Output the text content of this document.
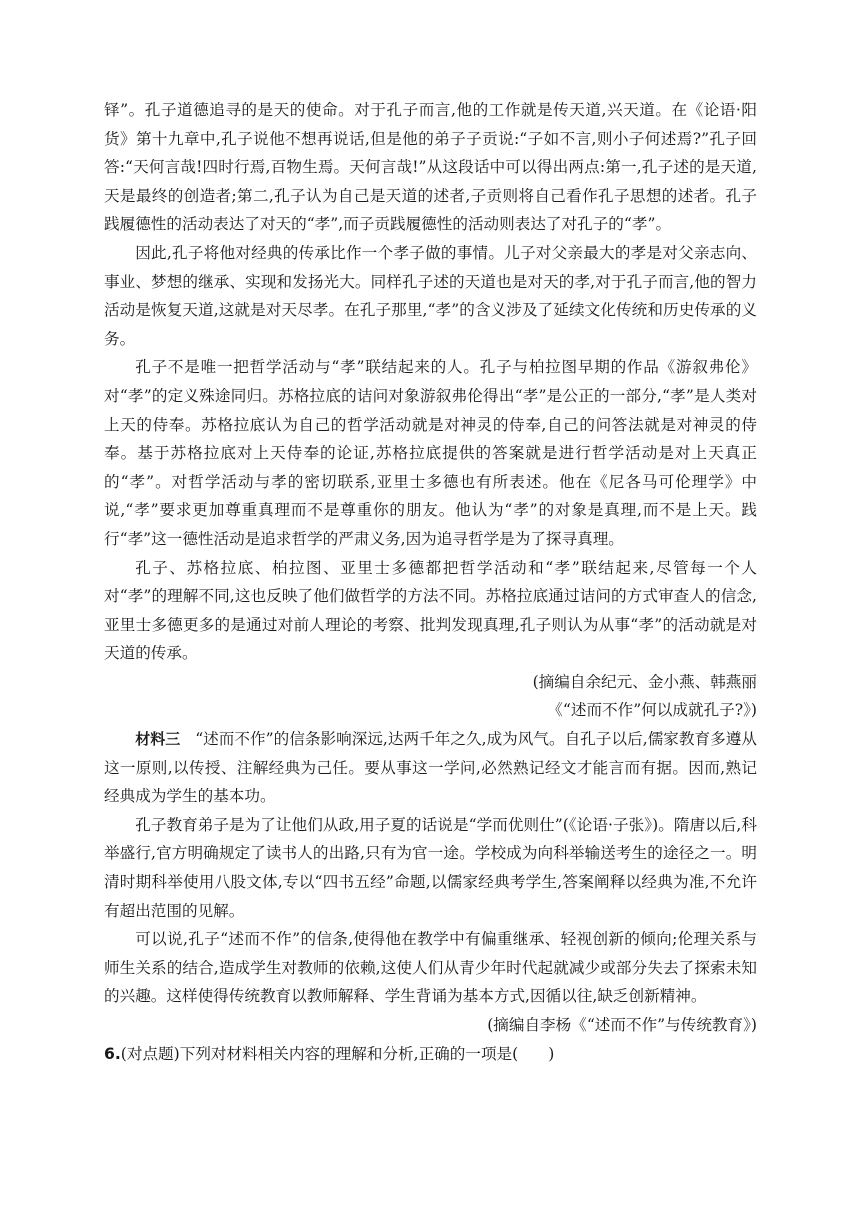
铎”。孔子道德追寻的是天的使命。对于孔子而言,他的工作就是传天道,兴天道。在《论语·阳货》第十九章中,孔子说他不想再说话,但是他的弟子子贡说:“子如不言,则小子何述焉?”孔子回答:“天何言哉!四时行焉,百物生焉。天何言哉!”从这段话中可以得出两点:第一,孔子述的是天道,天是最终的创造者;第二,孔子认为自己是天道的述者,子贡则将自己看作孔子思想的述者。孔子践履德性的活动表达了对天的“孝”,而子贡践履德性的活动则表达了对孔子的“孝”。

因此,孔子将他对经典的传承比作一个孝子做的事情。儿子对父亲最大的孝是对父亲志向、事业、梦想的继承、实现和发扬光大。同样孔子述的天道也是对天的孝,对于孔子而言,他的智力活动是恢复天道,这就是对天尽孝。在孔子那里,“孝”的含义涉及了延续文化传统和历史传承的义务。

孔子不是唯一把哲学活动与“孝”联结起来的人。孔子与柏拉图早期的作品《游叙弗伦》对“孝”的定义殊途同归。苏格拉底的诘问对象游叙弗伦得出“孝”是公正的一部分,“孝”是人类对上天的侍奉。苏格拉底认为自己的哲学活动就是对神灵的侍奉,自己的问答法就是对神灵的侍奉。基于苏格拉底对上天侍奉的论证,苏格拉底提供的答案就是进行哲学活动是对上天真正的“孝”。对哲学活动与孝的密切联系,亚里士多德也有所表述。他在《尼各马可伦理学》中说,“孝”要求更加尊重真理而不是尊重你的朋友。他认为“孝”的对象是真理,而不是上天。践行“孝”这一德性活动是追求哲学的严肃义务,因为追寻哲学是为了探寻真理。

孔子、苏格拉底、柏拉图、亚里士多德都把哲学活动和“孝”联结起来,尽管每一个人对“孝”的理解不同,这也反映了他们做哲学的方法不同。苏格拉底通过诘问的方式审查人的信念,亚里士多德更多的是通过对前人理论的考察、批判发现真理,孔子则认为从事“孝”的活动就是对天道的传承。

(摘编自余纪元、金小燕、韩燕丽

《“述而不作”何以成就孔子?》)

材料三 “述而不作”的信条影响深远,达两千年之久,成为风气。自孔子以后,儒家教育多遵从这一原则,以传授、注解经典为己任。要从事这一学问,必然熟记经文才能言而有据。因而,熟记经典成为学生的基本功。

孔子教育弟子是为了让他们从政,用子夏的话说是“学而优则仕”(《论语·子张》)。隋唐以后,科举盛行,官方明确规定了读书人的出路,只有为官一途。学校成为向科举输送考生的途径之一。明清时期科举使用八股文体,专以“四书五经”命题,以儒家经典考学生,答案阐释以经典为准,不允许有超出范围的见解。

可以说,孔子“述而不作”的信条,使得他在教学中有偏重继承、轻视创新的倾向;伦理关系与师生关系的结合,造成学生对教师的依赖,这使人们从青少年时代起就减少或部分失去了探索未知的兴趣。这样使得传统教育以教师解释、学生背诵为基本方式,因循以往,缺乏创新精神。

(摘编自李杨《“述而不作”与传统教育》)

6.(对点题)下列对材料相关内容的理解和分析,正确的一项是( )
